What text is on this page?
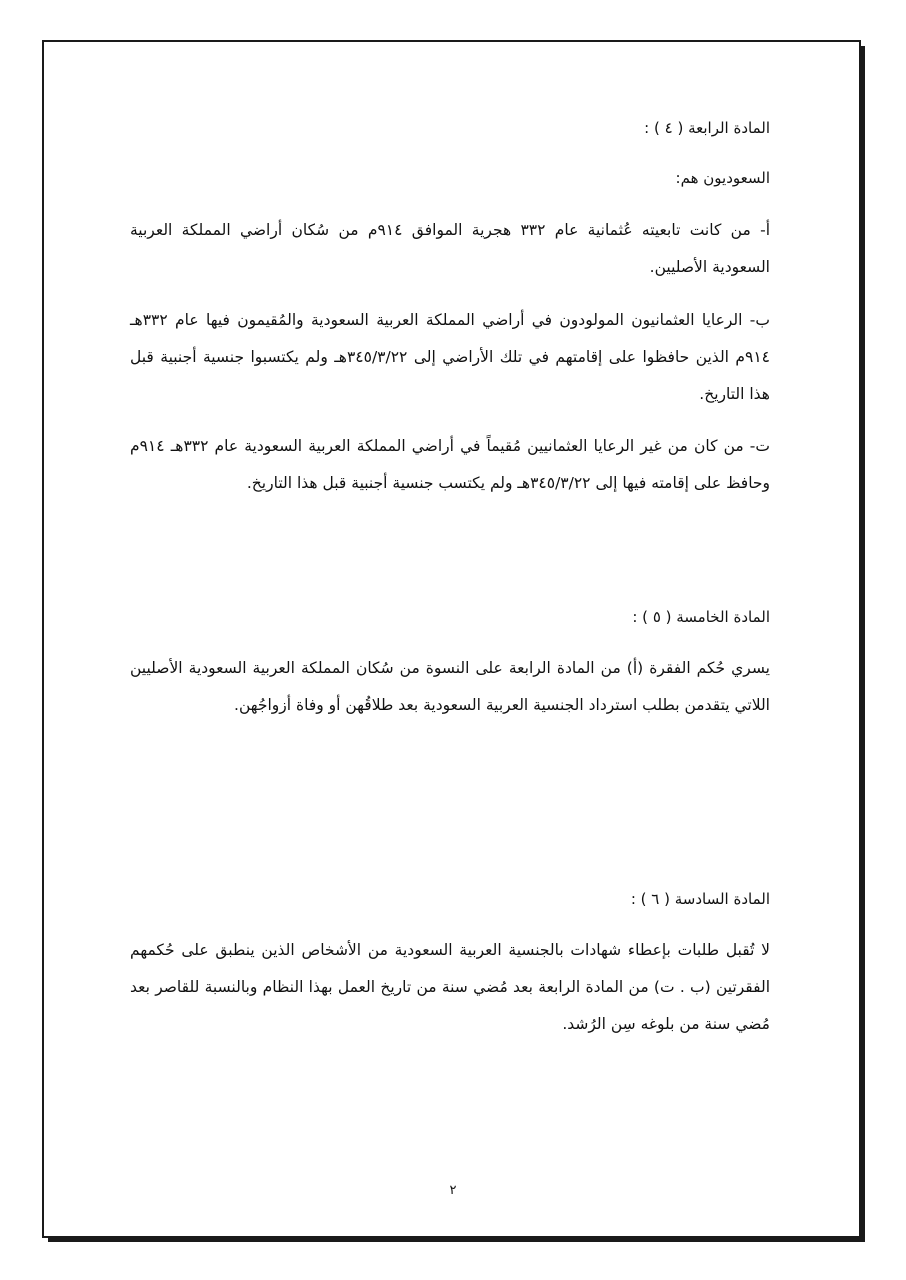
المادة الرابعة ( ٤ ) :
السعوديون هم:
أ- من كانت تابعيته عُثمانية عام ٣٣٢ هجرية الموافق ٩١٤م من سُكان أراضي المملكة العربية السعودية الأصليين.
ب- الرعايا العثمانيون المولودون في أراضي المملكة العربية السعودية والمُقيمون فيها عام ٣٣٢هـ ٩١٤م الذين حافظوا على إقامتهم في تلك الأراضي إلى ٣٤٥/٣/٢٢هـ ولم يكتسبوا جنسية أجنبية قبل هذا التاريخ.
ت- من كان من غير الرعايا العثمانيين مُقيماً في أراضي المملكة العربية السعودية عام ٣٣٢هـ ٩١٤م وحافظ على إقامته فيها إلى ٣٤٥/٣/٢٢هـ ولم يكتسب جنسية أجنبية قبل هذا التاريخ.
المادة الخامسة ( ٥ ) :
يسري حُكم الفقرة (أ) من المادة الرابعة على النسوة من سُكان المملكة العربية السعودية الأصليين اللاتي يتقدمن بطلب استرداد الجنسية العربية السعودية بعد طلاقُهن أو وفاة أزواجُهن.
المادة السادسة ( ٦ ) :
لا تُقبل طلبات بإعطاء شهادات بالجنسية العربية السعودية من الأشخاص الذين ينطبق على حُكمهم الفقرتين (ب . ت) من المادة الرابعة بعد مُضي سنة من تاريخ العمل بهذا النظام وبالنسبة للقاصر بعد مُضي سنة من بلوغه سِن الرُشد.
٢
